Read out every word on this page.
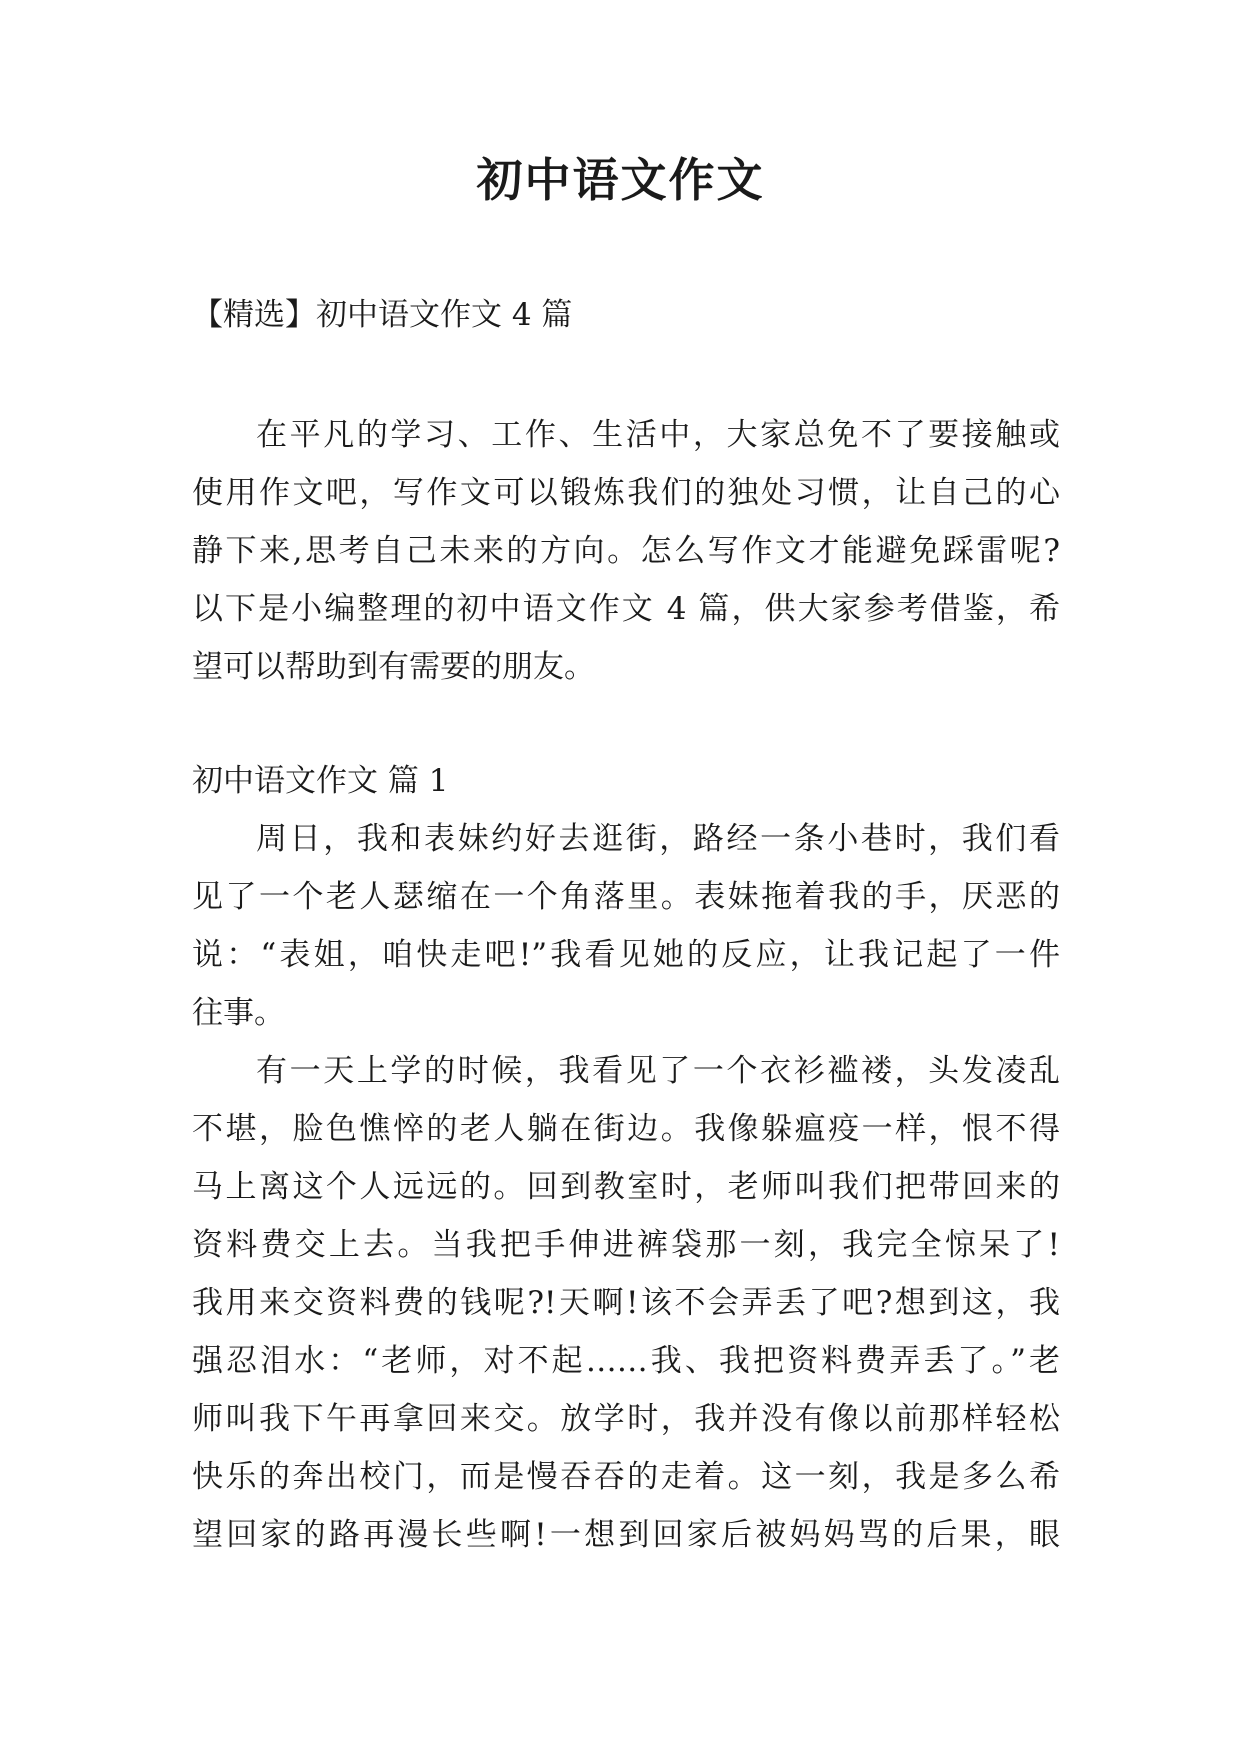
初中语文作文

【精选】初中语文作文 4 篇

在平凡的学习、工作、生活中，大家总免不了要接触或
使用作文吧，写作文可以锻炼我们的独处习惯，让自己的心
静下来,思考自己未来的方向。怎么写作文才能避免踩雷呢?
以下是小编整理的初中语文作文 4 篇，供大家参考借鉴，希
望可以帮助到有需要的朋友。

初中语文作文 篇 1

周日，我和表妹约好去逛街，路经一条小巷时，我们看
见了一个老人瑟缩在一个角落里。表妹拖着我的手，厌恶的
说：“表姐，咱快走吧!”我看见她的反应，让我记起了一件
往事。
有一天上学的时候，我看见了一个衣衫褴褛，头发凌乱
不堪，脸色憔悴的老人躺在街边。我像躲瘟疫一样，恨不得
马上离这个人远远的。回到教室时，老师叫我们把带回来的
资料费交上去。当我把手伸进裤袋那一刻，我完全惊呆了!
我用来交资料费的钱呢?!天啊!该不会弄丢了吧?想到这，我
强忍泪水：“老师，对不起……我、我把资料费弄丢了。”老
师叫我下午再拿回来交。放学时，我并没有像以前那样轻松
快乐的奔出校门，而是慢吞吞的走着。这一刻，我是多么希
望回家的路再漫长些啊!一想到回家后被妈妈骂的后果，眼
